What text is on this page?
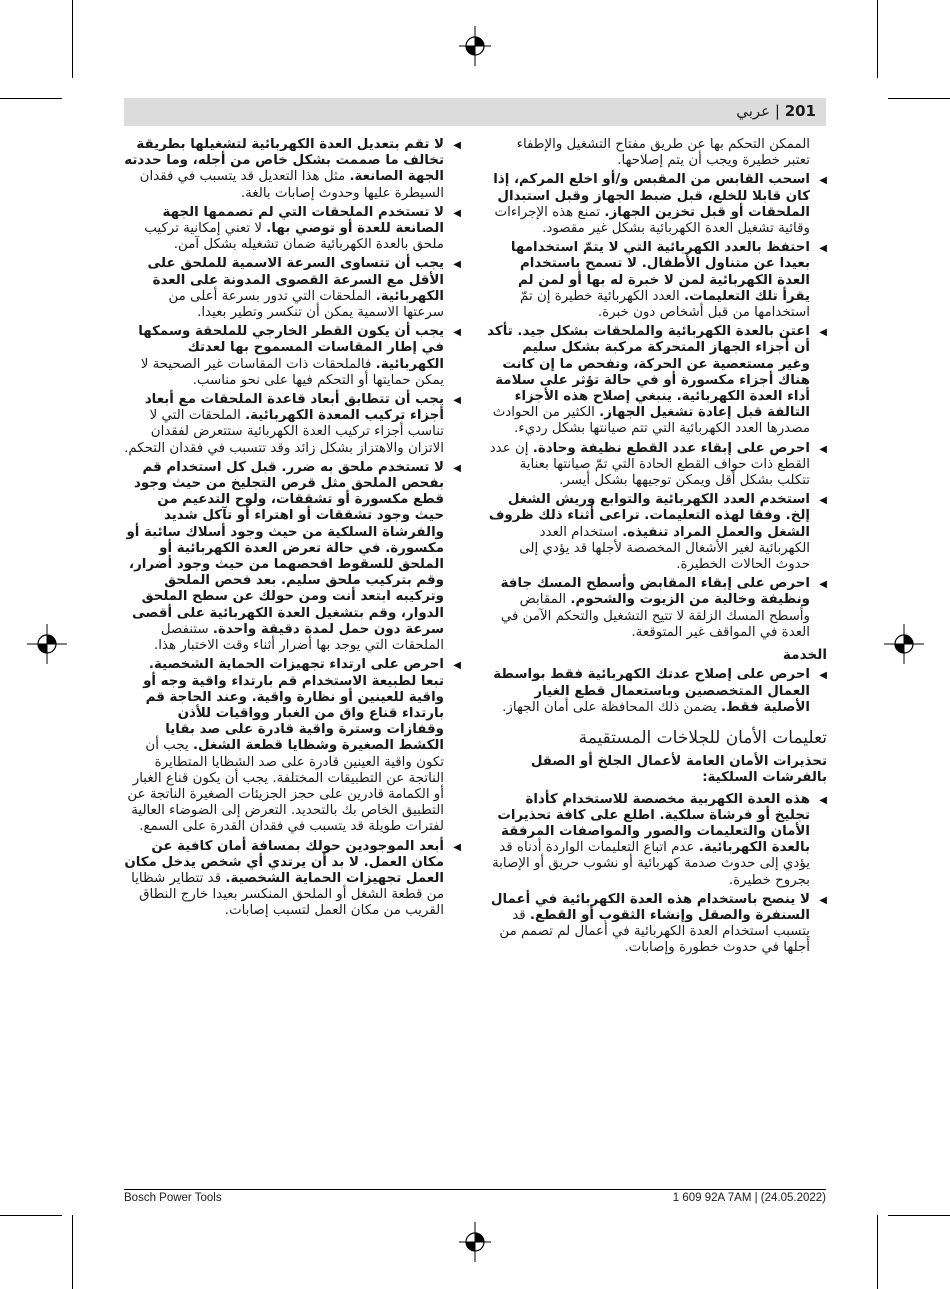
201 | عربي
الممكن التحكم بها عن طريق مفتاح التشغيل والإطفاء تعتبر خطيرة ويجب أن يتم إصلاحها.
◀ اسحب القابس من المقبس و/أو اخلع المركم، إذا كان قابلا للخلع، قبل ضبط الجهاز وقبل استبدال الملحقات أو قبل تخزين الجهاز. تمنع هذه الإجراءات وقائية تشغيل العدة الكهربائية بشكل غير مقصود.
◀ احتفظ بالعدد الكهربائية التي لا يتمّ استخدامها بعيدا عن متناول الأطفال. لا تسمح باستخدام العدة الكهربائية لمن لا خبرة له بها أو لمن لم يقرأ تلك التعليمات. العدد الكهربائية خطيرة إن تمّ استخدامها من قبل أشخاص دون خبرة.
◀ اعتن بالعدة الكهربائية والملحقات بشكل جيد. تأكد أن أجزاء الجهاز المتحركة مركبة بشكل سليم وغير مستعصية عن الحركة، وتفحص ما إن كانت هناك أجزاء مكسورة أو في حالة تؤثر على سلامة أداء العدة الكهربائية. ينبغي إصلاح هذه الأجزاء التالفة قبل إعادة تشغيل الجهاز. الكثير من الحوادث مصدرها العدد الكهربائية التي تتم صيانتها بشكل رديء.
◀ احرص على إبقاء عدد القطع نظيفة وحادة. إن عدد القطع ذات حواف القطع الحادة التي تمّ صيانتها بعناية تتكلب بشكل أقل ويمكن توجيهها بشكل أيسر.
◀ استخدم العدد الكهربائية والتوابع وريش الشغل إلخ. وفقا لهذه التعليمات. تراعى أثناء ذلك ظروف الشغل والعمل المراد تنفيذه. استخدام العدد الكهربائية لغير الأشغال المخصصة لأجلها قد يؤدي إلى حدوث الحالات الخطيرة.
◀ احرص على إبقاء المقابض وأسطح المسك جافة ونظيفة وخالية من الزيوت والشحوم. المقابض وأسطح المسك الزلقة لا تتيح التشغيل والتحكم الآمن في العدة في المواقف غير المتوقعة.
الخدمة
◀ احرص على إصلاح عدتك الكهربائية فقط بواسطة العمال المتخصصين وباستعمال قطع الغيار الأصلية فقط. يضمن ذلك المحافظة على أمان الجهاز.
تعليمات الأمان للجلاخات المستقيمة
تحذيرات الأمان العامة لأعمال الجلخ أو الصقل بالفرشات السلكية:
◀ هذه العدة الكهربية مخصصة للاستخدام كأداة تجليخ أو فرشاة سلكية. اطلع على كافة تحذيرات الأمان والتعليمات والصور والمواصفات المرفقة بالعدة الكهربائية. عدم اتباع التعليمات الواردة أدناه قد يؤدي إلى حدوث صدمة كهربائية أو نشوب حريق أو الإصابة بجروح خطيرة.
◀ لا ينصح باستخدام هذه العدة الكهربائية في أعمال السنفرة والصقل وإنشاء الثقوب أو القطع. قد يتسبب استخدام العدة الكهربائية في أعمال لم تصمم من أجلها في حدوث خطورة وإصابات.
◀ لا تقم بتعديل العدة الكهربائية لتشغيلها بطريقة تخالف ما صممت بشكل خاص من أجله، وما حددته الجهة الصانعة. مثل هذا التعديل قد يتسبب في فقدان السيطرة عليها وحدوث إصابات بالغة.
◀ لا تستخدم الملحقات التي لم تصممها الجهة الصانعة للعدة أو توصي بها. لا تعني إمكانية تركيب ملحق بالعدة الكهربائية ضمان تشغيله بشكل آمن.
◀ يجب أن تتساوى السرعة الاسمية للملحق على الأقل مع السرعة القصوى المدونة على العدة الكهربائية. الملحقات التي تدور بسرعة أعلى من سرعتها الاسمية يمكن أن تنكسر وتطير بعيدا.
◀ يجب أن يكون القطر الخارجي للملحقة وسمكها في إطار المقاسات المسموح بها لعدتك الكهربائية. فالملحقات ذات المقاسات غير الصحيحة لا يمكن حمايتها أو التحكم فيها على نحو مناسب.
◀ يجب أن تتطابق أبعاد قاعدة الملحقات مع أبعاد أجزاء تركيب المعدة الكهربائية. الملحقات التي لا تناسب أجزاء تركيب العدة الكهربائية ستتعرض لفقدان الاتزان والاهتزاز بشكل زائد وقد تتسبب في فقدان التحكم.
◀ لا تستخدم ملحق به ضرر. قبل كل استخدام قم بفحص الملحق مثل قرص التجليخ من حيث وجود قطع مكسورة أو تشققات، ولوح التدعيم من حيث وجود تشققات أو اهتراء أو تآكل شديد والفرشاة السلكية من حيث وجود أسلاك سائبة أو مكسورة. في حالة تعرض العدة الكهربائية أو الملحق للسقوط افحصهما من حيث وجود أضرار، وقم بتركيب ملحق سليم. بعد فحص الملحق وتركيبه ابتعد أنت ومن حولك عن سطح الملحق الدوار، وقم بتشغيل العدة الكهربائية على أقصى سرعة دون حمل لمدة دقيقة واحدة. ستنفصل الملحقات التي يوجد بها أضرار أثناء وقت الاختبار هذا.
◀ احرص على ارتداء تجهيزات الحماية الشخصية. تبعا لطبيعة الاستخدام قم بارتداء واقية وجه أو واقية للعينين أو نظارة واقية. وعند الحاجة قم بارتداء قناع واق من الغبار وواقيات للأذن وقفازات وسترة واقية قادرة على صد بقايا الكشط الصغيرة وشظايا قطعة الشغل. يجب أن تكون واقية العينين قادرة على صد الشظايا المتطايرة الناتجة عن التطبيقات المختلفة. يجب أن يكون قناع الغبار أو الكمامة قادرين على حجز الجزيئات الصغيرة الناتجة عن التطبيق الخاص بك بالتحديد. التعرض إلى الضوضاء العالية لفترات طويلة قد يتسبب في فقدان القدرة على السمع.
◀ أبعد الموجودين حولك بمسافة أمان كافية عن مكان العمل. لا بد أن يرتدي أي شخص يدخل مكان العمل تجهيزات الحماية الشخصية. قد تتطاير شظايا من قطعة الشغل أو الملحق المنكسر بعيدا خارج النطاق القريب من مكان العمل لتسبب إصابات.
Bosch Power Tools	1 609 92A 7AM | (24.05.2022)
